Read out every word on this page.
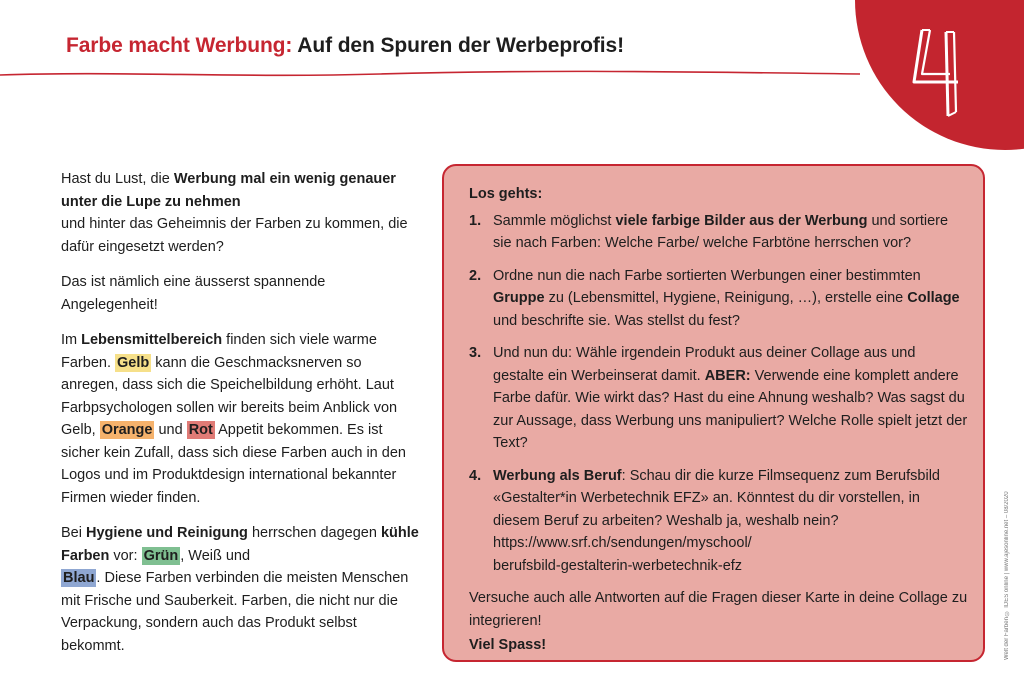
Farbe macht Werbung: Auf den Spuren der Werbeprofis!

Hast du Lust, die Werbung mal ein wenig genauer unter die Lupe zu nehmen
und hinter das Geheimnis der Farben zu kommen, die dafür eingesetzt werden?

Das ist nämlich eine äusserst spannende Angelegenheit!

Im Lebensmittelbereich finden sich viele warme Farben. Gelb kann die Geschmacksnerven so anregen, dass sich die Speichelbildung erhöht. Laut Farbpsychologen sollen wir bereits beim Anblick von Gelb, Orange und Rot Appetit bekommen. Es ist sicher kein Zufall, dass sich diese Farben auch in den Logos und im Produktdesign international bekannter Firmen wieder finden.

Bei Hygiene und Reinigung herrschen dagegen kühle Farben vor: Grün , Weiß und
Blau . Diese Farben verbinden die meisten Menschen mit Frische und Sauberkeit. Farben, die nicht nur die Verpackung, sondern auch das Produkt selbst bekommt.

Los gehts:
1. Sammle möglichst viele farbige Bilder aus der Werbung und sortiere sie nach Farben: Welche Farbe/ welche Farbtöne herrschen vor?
2. Ordne nun die nach Farbe sortierten Werbungen einer bestimmten Gruppe zu (Lebensmittel, Hygiene, Reinigung, …), erstelle eine Collage und beschrifte sie. Was stellst du fest?
3. Und nun du: Wähle irgendein Produkt aus deiner Collage aus und gestalte ein Werbeinserat damit. ABER: Verwende eine komplett andere Farbe dafür. Wie wirkt das? Hast du eine Ahnung weshalb? Was sagst du zur Aussage, dass Werbung uns manipuliert? Welche Rolle spielt jetzt der Text?
4. Werbung als Beruf: Schau dir die kurze Filmsequenz zum Berufsbild «Gestalter*in Werbetechnik EFZ» an. Könntest du dir vorstellen, in diesem Beruf zu arbeiten? Weshalb ja, weshalb nein?
https://www.srf.ch/sendungen/myschool/
berufsbild-gestalterin-werbetechnik-efz
Versuche auch alle Antworten auf die Fragen dieser Karte in deine Collage zu integrieren!
Viel Spass!	Welt der Farben © IDES online | www.ajesonline.net – 08/2020
